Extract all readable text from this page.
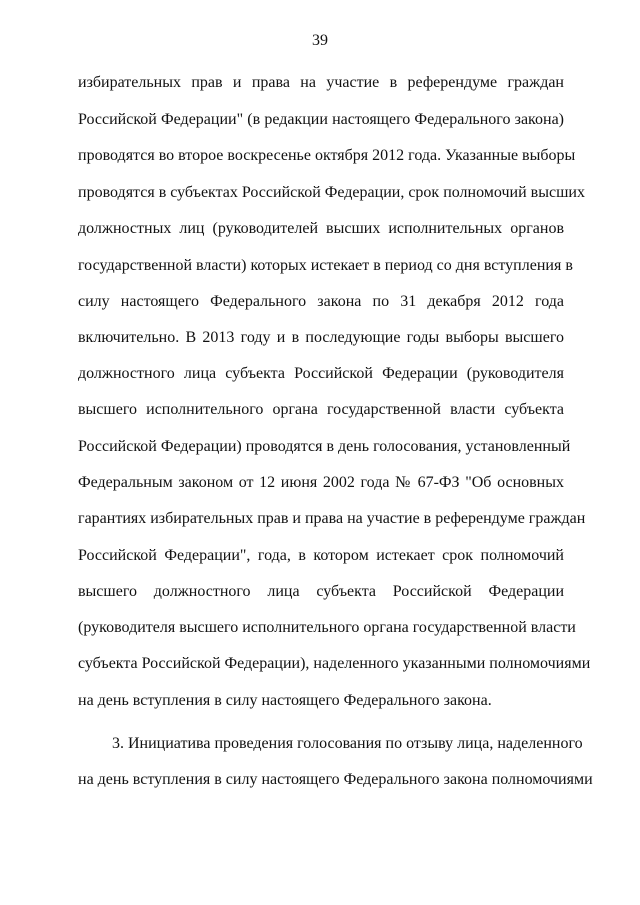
39
избирательных прав и права на участие в референдуме граждан
Российской Федерации" (в редакции настоящего Федерального закона)
проводятся во второе воскресенье октября 2012 года. Указанные выборы
проводятся в субъектах Российской Федерации, срок полномочий высших
должностных лиц (руководителей высших исполнительных органов
государственной власти) которых истекает в период со дня вступления в
силу настоящего Федерального закона по 31 декабря 2012 года
включительно. В 2013 году и в последующие годы выборы высшего
должностного лица субъекта Российской Федерации (руководителя
высшего исполнительного органа государственной власти субъекта
Российской Федерации) проводятся в день голосования, установленный
Федеральным законом от 12 июня 2002 года № 67-ФЗ "Об основных
гарантиях избирательных прав и права на участие в референдуме граждан
Российской Федерации", года, в котором истекает срок полномочий
высшего должностного лица субъекта Российской Федерации
(руководителя высшего исполнительного органа государственной власти
субъекта Российской Федерации), наделенного указанными полномочиями
на день вступления в силу настоящего Федерального закона.
3. Инициатива проведения голосования по отзыву лица, наделенного
на день вступления в силу настоящего Федерального закона полномочиями
